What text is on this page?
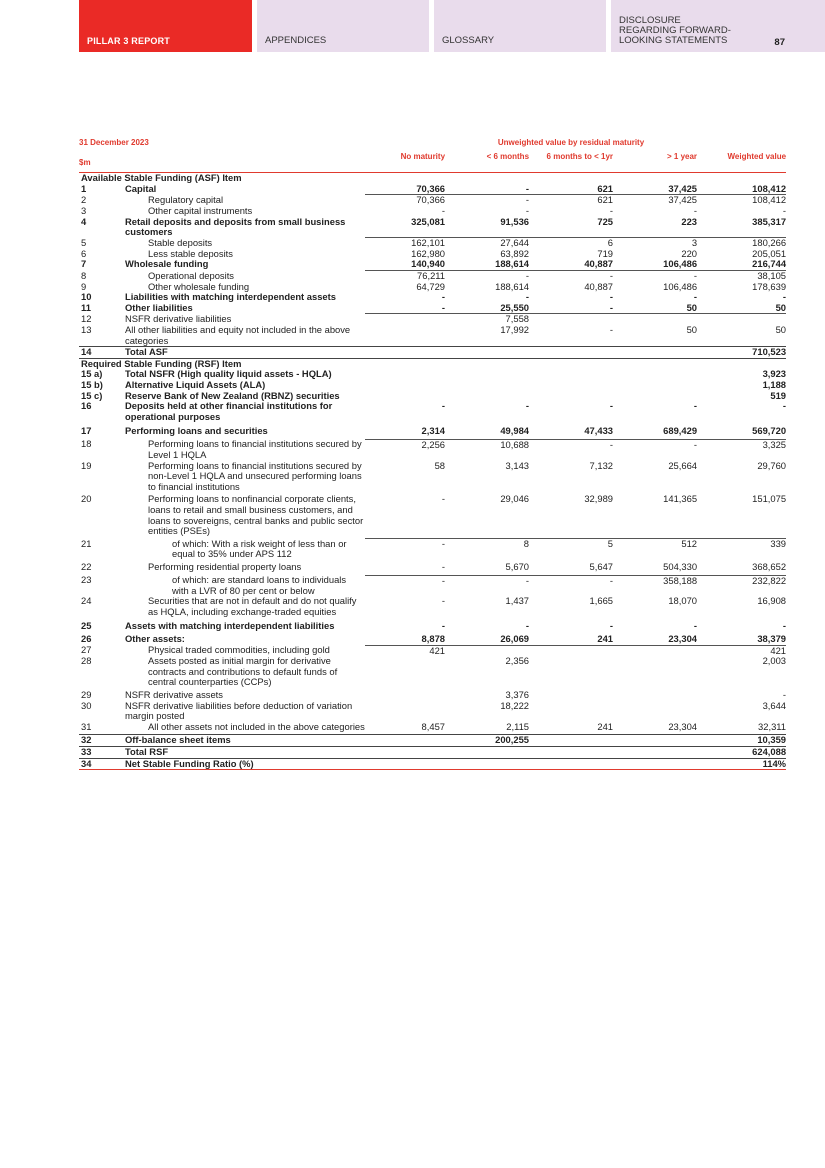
PILLAR 3 REPORT	APPENDICES	GLOSSARY
DISCLOSURE
REGARDING FORWARD-
LOOKING STATEMENTS	87
31 December 2023			Unweighted value by residual maturity			
$m		No maturity	< 6 months	6 months to < 1yr	> 1 year	Weighted value
Available Stable Funding (ASF) Item						
1	Capital	70,366	-	621	37,425	108,412
2	Regulatory capital	70,366	-	621	37,425	108,412
3	Other capital instruments	-	-	-	-	-
4	Retail deposits and deposits from small business customers	325,081	91,536	725	223	385,317
5	Stable deposits	162,101	27,644	6	3	180,266
6	Less stable deposits	162,980	63,892	719	220	205,051
7	Wholesale funding	140,940	188,614	40,887	106,486	216,744
8	Operational deposits	76,211	-	-	-	38,105
9	Other wholesale funding	64,729	188,614	40,887	106,486	178,639
10	Liabilities with matching interdependent assets	-	-	-	-	-
11	Other liabilities	-	25,550	-	50	50
12	NSFR derivative liabilities		7,558			
13	All other liabilities and equity not included in the above categories		17,992	-	50	50
14	Total ASF					710,523
Required Stable Funding (RSF) Item						
15 a)	Total NSFR (High quality liquid assets - HQLA)					3,923
15 b)	Alternative Liquid Assets (ALA)					1,188
15 c)	Reserve Bank of New Zealand (RBNZ) securities					519
16	Deposits held at other financial institutions for operational purposes	-	-	-	-	-
17	Performing loans and securities	2,314	49,984	47,433	689,429	569,720
18	Performing loans to financial institutions secured by Level 1 HQLA	2,256	10,688	-	-	3,325
19	Performing loans to financial institutions secured by non-Level 1 HQLA and unsecured performing loans to financial institutions	58	3,143	7,132	25,664	29,760
20	Performing loans to nonfinancial corporate clients, loans to retail and small business customers, and loans to sovereigns, central banks and public sector entities (PSEs)	-	29,046	32,989	141,365	151,075
21	of which: With a risk weight of less than or equal to 35% under APS 112	-	8	5	512	339
22	Performing residential property loans	-	5,670	5,647	504,330	368,652
23	of which: are standard loans to individuals with a LVR of 80 per cent or below	-	-	-	358,188	232,822
24	Securities that are not in default and do not qualify as HQLA, including exchange-traded equities	-	1,437	1,665	18,070	16,908
25	Assets with matching interdependent liabilities	-	-	-	-	-
26	Other assets:	8,878	26,069	241	23,304	38,379
27	Physical traded commodities, including gold	421				421
28	Assets posted as initial margin for derivative contracts and contributions to default funds of central counterparties (CCPs)		2,356			2,003
29	NSFR derivative assets		3,376			-
30	NSFR derivative liabilities before deduction of variation margin posted		18,222			3,644
31	All other assets not included in the above categories	8,457	2,115	241	23,304	32,311
32	Off-balance sheet items		200,255			10,359
33	Total RSF					624,088
34	Net Stable Funding Ratio (%)					114%
